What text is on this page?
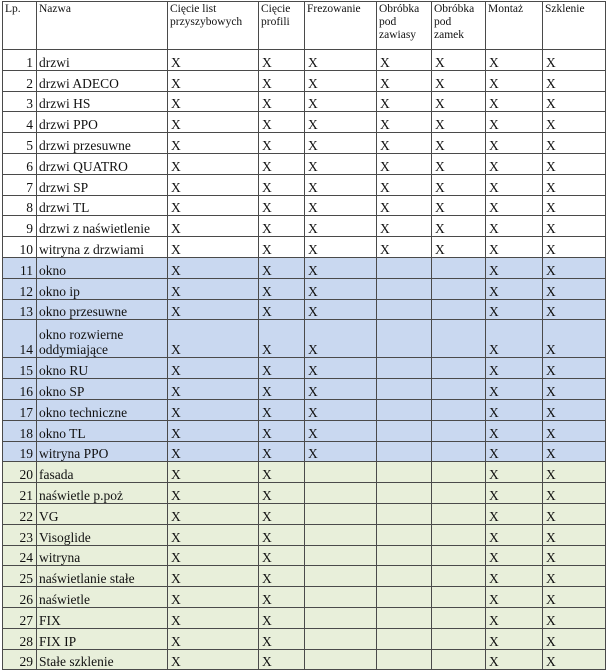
Lp.	Nazwa	Cięcie list przyszybowych	Cięcie profili	Frezowanie	Obróbka pod zawiasy	Obróbka pod zamek	Montaż	Szklenie
1	drzwi	X	X	X	X	X	X	X
2	drzwi ADECO	X	X	X	X	X	X	X
3	drzwi HS	X	X	X	X	X	X	X
4	drzwi PPO	X	X	X	X	X	X	X
5	drzwi przesuwne	X	X	X	X	X	X	X
6	drzwi QUATRO	X	X	X	X	X	X	X
7	drzwi SP	X	X	X	X	X	X	X
8	drzwi TL	X	X	X	X	X	X	X
9	drzwi z naświetlenie	X	X	X	X	X	X	X
10	witryna z drzwiami	X	X	X	X	X	X	X
11	okno	X	X	X			X	X
12	okno ip	X	X	X			X	X
13	okno przesuwne	X	X	X			X	X
14	okno rozwierne oddymiające	X	X	X			X	X
15	okno RU	X	X	X			X	X
16	okno SP	X	X	X			X	X
17	okno techniczne	X	X	X			X	X
18	okno TL	X	X	X			X	X
19	witryna PPO	X	X	X			X	X
20	fasada	X	X				X	X
21	naświetle p.poż	X	X				X	X
22	VG	X	X				X	X
23	Visoglide	X	X				X	X
24	witryna	X	X				X	X
25	naświetlanie stałe	X	X				X	X
26	naświetle	X	X				X	X
27	FIX	X	X				X	X
28	FIX IP	X	X				X	X
29	Stałe szklenie	X	X				X	X
